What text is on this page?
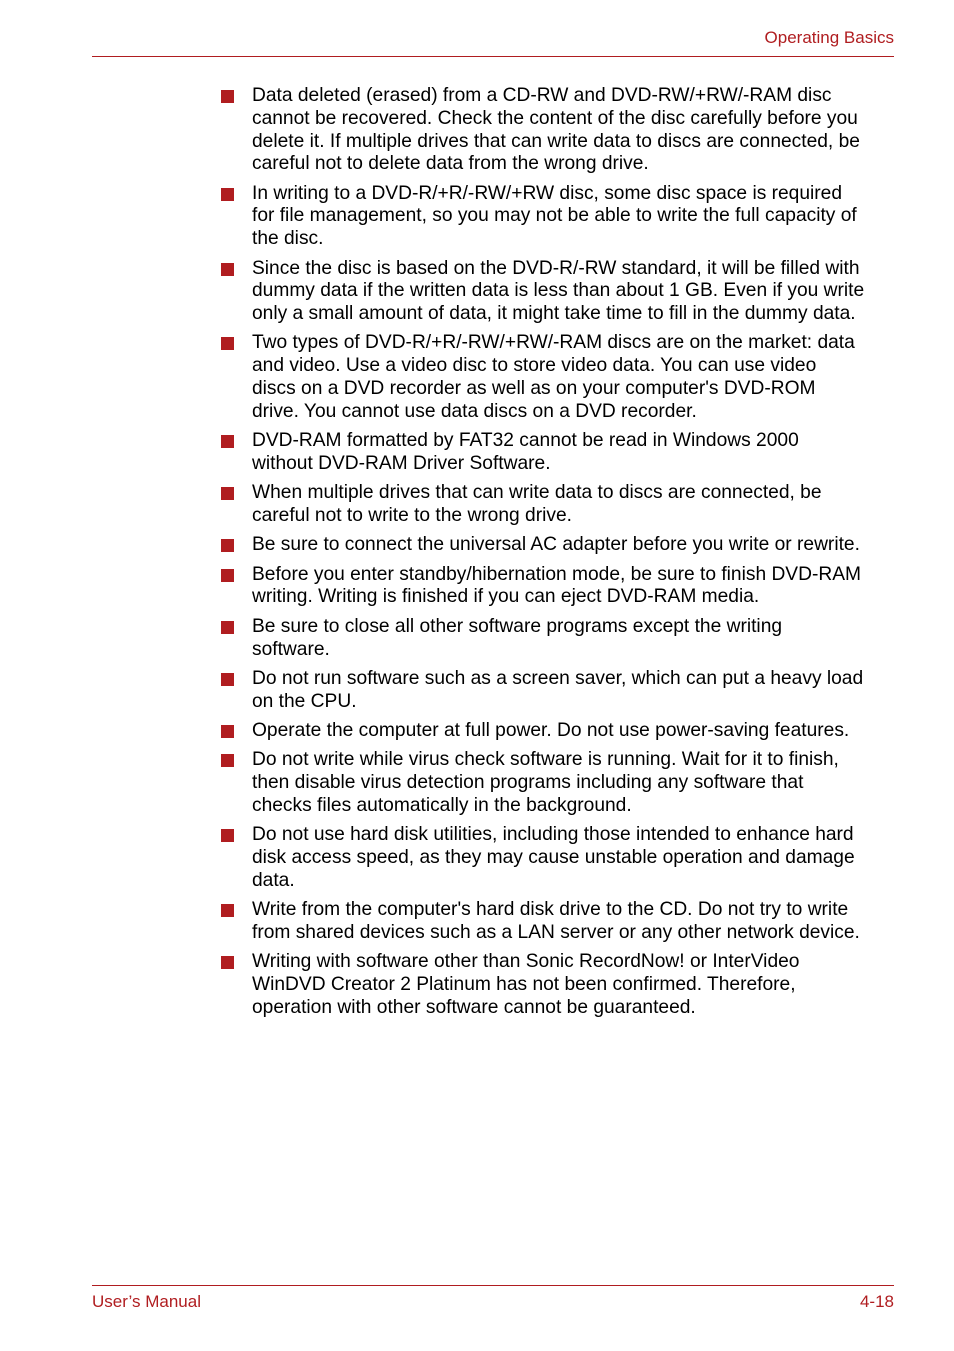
Operating Basics
Data deleted (erased) from a CD-RW and DVD-RW/+RW/-RAM disc
cannot be recovered. Check the content of the disc carefully before you
delete it. If multiple drives that can write data to discs are connected, be
careful not to delete data from the wrong drive.
In writing to a DVD-R/+R/-RW/+RW disc, some disc space is required
for file management, so you may not be able to write the full capacity of
the disc.
Since the disc is based on the DVD-R/-RW standard, it will be filled with
dummy data if the written data is less than about 1 GB. Even if you write
only a small amount of data, it might take time to fill in the dummy data.
Two types of DVD-R/+R/-RW/+RW/-RAM discs are on the market: data
and video. Use a video disc to store video data. You can use video
discs on a DVD recorder as well as on your computer's DVD-ROM
drive. You cannot use data discs on a DVD recorder.
DVD-RAM formatted by FAT32 cannot be read in Windows 2000
without DVD-RAM Driver Software.
When multiple drives that can write data to discs are connected, be
careful not to write to the wrong drive.
Be sure to connect the universal AC adapter before you write or rewrite.
Before you enter standby/hibernation mode, be sure to finish DVD-RAM
writing. Writing is finished if you can eject DVD-RAM media.
Be sure to close all other software programs except the writing
software.
Do not run software such as a screen saver, which can put a heavy load
on the CPU.
Operate the computer at full power. Do not use power-saving features.
Do not write while virus check software is running. Wait for it to finish,
then disable virus detection programs including any software that
checks files automatically in the background.
Do not use hard disk utilities, including those intended to enhance hard
disk access speed, as they may cause unstable operation and damage
data.
Write from the computer's hard disk drive to the CD. Do not try to write
from shared devices such as a LAN server or any other network device.
Writing with software other than Sonic RecordNow! or InterVideo
WinDVD Creator 2 Platinum has not been confirmed. Therefore,
operation with other software cannot be guaranteed.
User’s Manual	4-18
